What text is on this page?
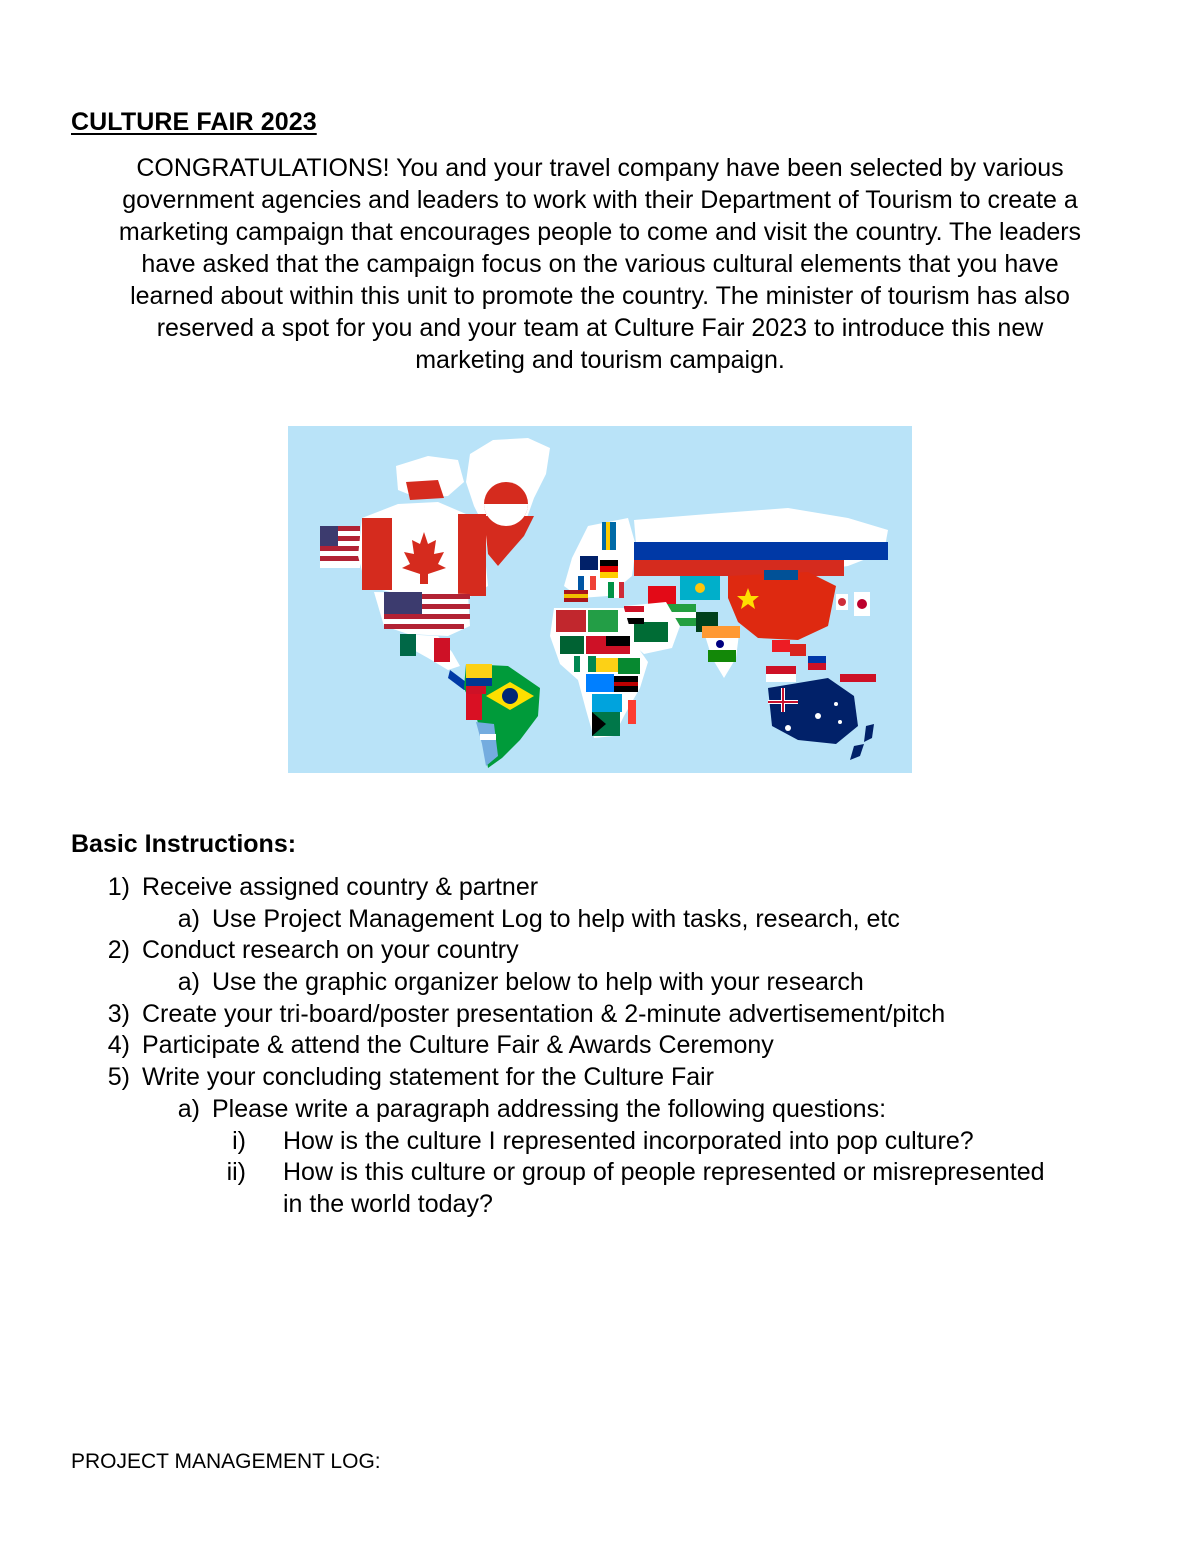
CULTURE FAIR 2023
CONGRATULATIONS! You and your travel company have been selected by various
government agencies and leaders to work with their Department of Tourism to create a
marketing campaign that encourages people to come and visit the country. The leaders
have asked that the campaign focus on the various cultural elements that you have
learned about within this unit to promote the country. The minister of tourism has also
reserved a spot for you and your team at Culture Fair 2023 to introduce this new
marketing and tourism campaign.
Basic Instructions:
1) Receive assigned country & partner
a) Use Project Management Log to help with tasks, research, etc
2) Conduct research on your country
a) Use the graphic organizer below to help with your research
3) Create your tri-board/poster presentation & 2-minute advertisement/pitch
4) Participate & attend the Culture Fair & Awards Ceremony
5) Write your concluding statement for the Culture Fair
a) Please write a paragraph addressing the following questions:
i) How is the culture I represented incorporated into pop culture?
ii) How is this culture or group of people represented or misrepresented
in the world today?
PROJECT MANAGEMENT LOG:
